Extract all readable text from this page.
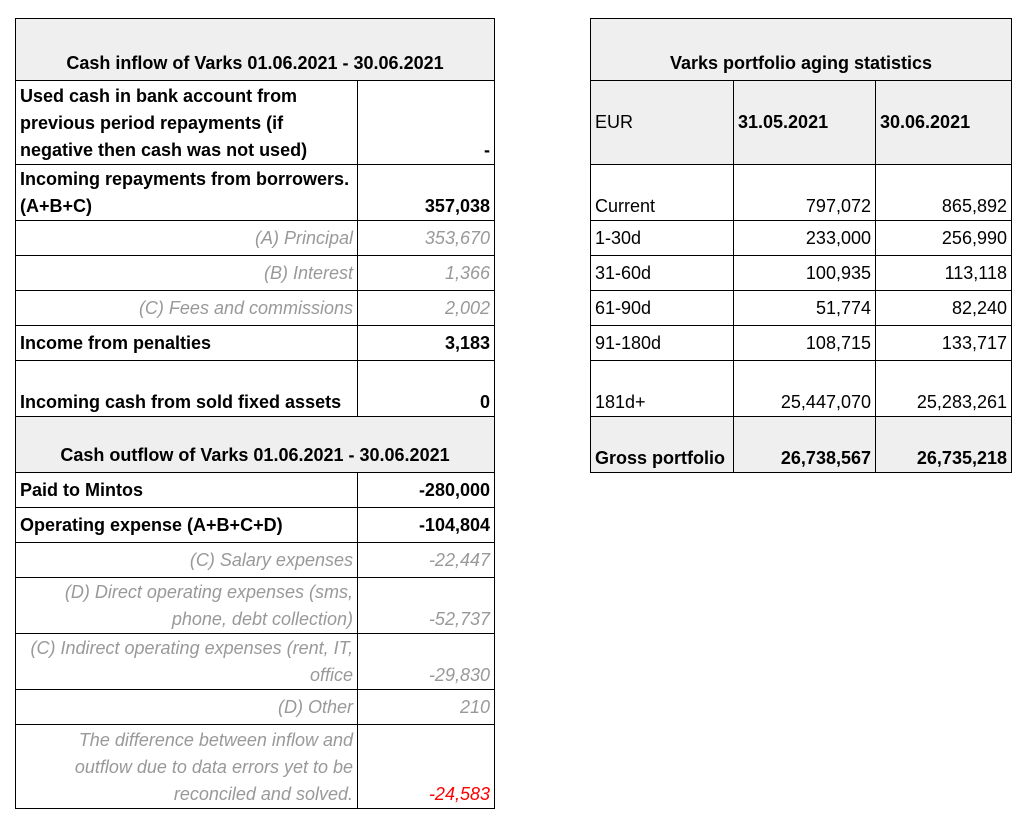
Cash inflow of Varks 01.06.2021 - 30.06.2021	
Used cash in bank account from previous period repayments (if negative then cash was not used)	-
Incoming repayments from borrowers. (A+B+C)	357,038
(A) Principal	353,670
(B) Interest	1,366
(C) Fees and commissions	2,002
Income from penalties	3,183
Incoming cash from sold fixed assets	0
Cash outflow of Varks 01.06.2021 - 30.06.2021	
Paid to Mintos	-280,000
Operating expense (A+B+C+D)	-104,804
(C) Salary expenses	-22,447
(D) Direct operating expenses (sms, phone, debt collection)	-52,737
(C) Indirect operating expenses (rent, IT, office	-29,830
(D) Other	210
The difference between inflow and outflow due to data errors yet to be reconciled and solved.	-24,583
Varks portfolio aging statistics		
EUR	31.05.2021	30.06.2021
Current	797,072	865,892
1-30d	233,000	256,990
31-60d	100,935	113,118
61-90d	51,774	82,240
91-180d	108,715	133,717
181d+	25,447,070	25,283,261
Gross portfolio	26,738,567	26,735,218
